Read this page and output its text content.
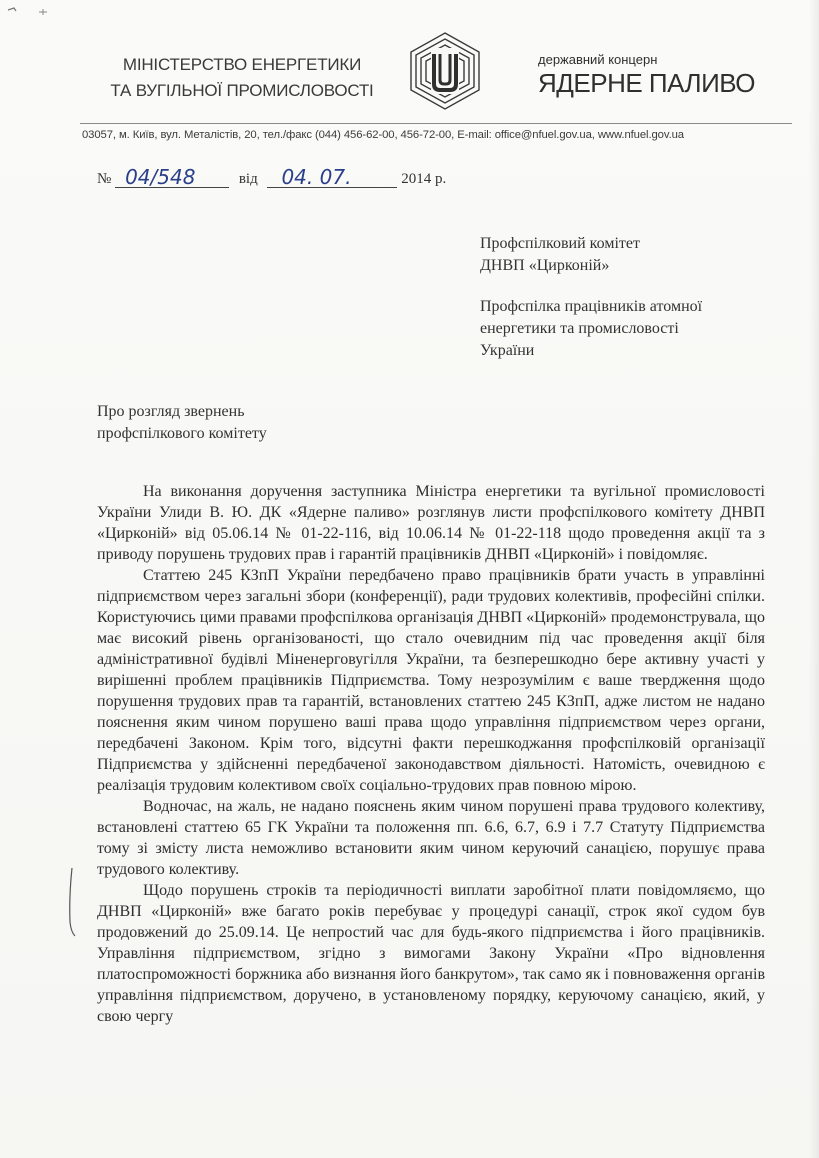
МІНІСТЕРСТВО ЕНЕРГЕТИКИ
ТА ВУГІЛЬНОЇ ПРОМИСЛОВОСТІ
державний концерн
ЯДЕРНЕ ПАЛИВО
03057, м. Київ, вул. Металістів, 20, тел./факс (044) 456-62-00, 456-72-00, E-mail: office@nfuel.gov.ua, www.nfuel.gov.ua
№ 04/548	від 04. 07.	2014 р.
Профспілковий комітет
ДНВП «Цирконій»
Профспілка працівників атомної
енергетики та промисловості
України
Про розгляд звернень
профспілкового комітету

На виконання доручення заступника Міністра енергетики та вугільної промисловості України Улиди В. Ю. ДК «Ядерне паливо» розглянув листи профспілкового комітету ДНВП «Цирконій» від 05.06.14 № 01-22-116, від 10.06.14 № 01-22-118 щодо проведення акції та з приводу порушень трудових прав і гарантій працівників ДНВП «Цирконій» і повідомляє.

Статтею 245 КЗпП України передбачено право працівників брати участь в управлінні підприємством через загальні збори (конференції), ради трудових колективів, професійні спілки. Користуючись цими правами профспілкова організація ДНВП «Цирконій» продемонструвала, що має високий рівень організованості, що стало очевидним під час проведення акції біля адміністративної будівлі Міненерговугілля України, та безперешкодно бере активну участі у вирішенні проблем працівників Підприємства. Тому незрозумілим є ваше твердження щодо порушення трудових прав та гарантій, встановлених статтею 245 КЗпП, адже листом не надано пояснення яким чином порушено ваші права щодо управління підприємством через органи, передбачені Законом. Крім того, відсутні факти перешкоджання профспілковій організації Підприємства у здійсненні передбаченої законодавством діяльності. Натомість, очевидною є реалізація трудовим колективом своїх соціально-трудових прав повною мірою.

Водночас, на жаль, не надано пояснень яким чином порушені права трудового колективу, встановлені статтею 65 ГК України та положення пп. 6.6, 6.7, 6.9 і 7.7 Статуту Підприємства тому зі змісту листа неможливо встановити яким чином керуючий санацією, порушує права трудового колективу.

Щодо порушень строків та періодичності виплати заробітної плати повідомляємо, що ДНВП «Цирконій» вже багато років перебуває у процедурі санації, строк якої судом був продовжений до 25.09.14. Це непростий час для будь-якого підприємства і його працівників. Управління підприємством, згідно з вимогами Закону України «Про відновлення платоспроможності боржника або визнання його банкрутом», так само як і повноваження органів управління підприємством, доручено, в установленому порядку, керуючому санацією, який, у свою чергу
